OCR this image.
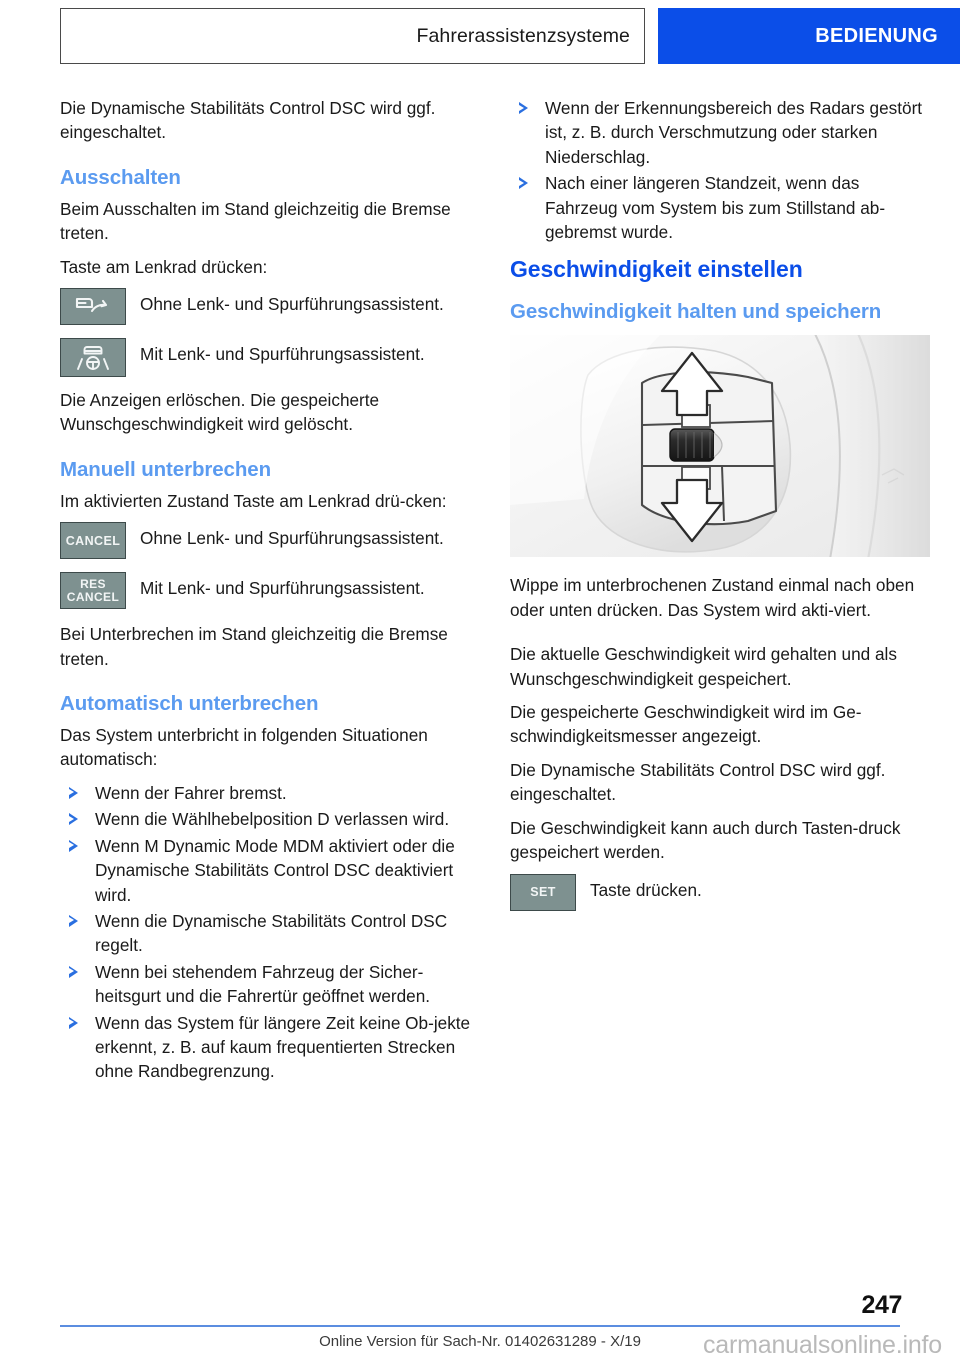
Fahrerassistenzsysteme	BEDIENUNG

Die Dynamische Stabilitäts Control DSC wird ggf. eingeschaltet.

Ausschalten

Beim Ausschalten im Stand gleichzeitig die Bremse treten.

Taste am Lenkrad drücken:

Ohne Lenk- und Spurführungsassistent.
Mit Lenk- und Spurführungsassistent.

Die Anzeigen erlöschen. Die gespeicherte Wunschgeschwindigkeit wird gelöscht.

Manuell unterbrechen

Im aktivierten Zustand Taste am Lenkrad drü-cken:

CANCEL Ohne Lenk- und Spurführungsassistent.
RES
CANCEL Mit Lenk- und Spurführungsassistent.

Bei Unterbrechen im Stand gleichzeitig die Bremse treten.

Automatisch unterbrechen

Das System unterbricht in folgenden Situationen automatisch:

Wenn der Fahrer bremst.
Wenn die Wählhebelposition D verlassen wird.
Wenn M Dynamic Mode MDM aktiviert oder die Dynamische Stabilitäts Control DSC deaktiviert wird.
Wenn die Dynamische Stabilitäts Control DSC regelt.
Wenn bei stehendem Fahrzeug der Sicher-heitsgurt und die Fahrertür geöffnet werden.
Wenn das System für längere Zeit keine Ob-jekte erkennt, z. B. auf kaum frequentierten Strecken ohne Randbegrenzung.
Wenn der Erkennungsbereich des Radars gestört ist, z. B. durch Verschmutzung oder starken Niederschlag.
Nach einer längeren Standzeit, wenn das Fahrzeug vom System bis zum Stillstand ab-gebremst wurde.
Geschwindigkeit einstellen
Geschwindigkeit halten und speichern

Wippe im unterbrochenen Zustand einmal nach oben oder unten drücken. Das System wird akti-viert.

Die aktuelle Geschwindigkeit wird gehalten und als Wunschgeschwindigkeit gespeichert.

Die gespeicherte Geschwindigkeit wird im Ge-schwindigkeitsmesser angezeigt.

Die Dynamische Stabilitäts Control DSC wird ggf. eingeschaltet.

Die Geschwindigkeit kann auch durch Tasten-druck gespeichert werden.

SET Taste drücken.
247
Online Version für Sach-Nr. 01402631289 - X/19	carmanualsonline.info
